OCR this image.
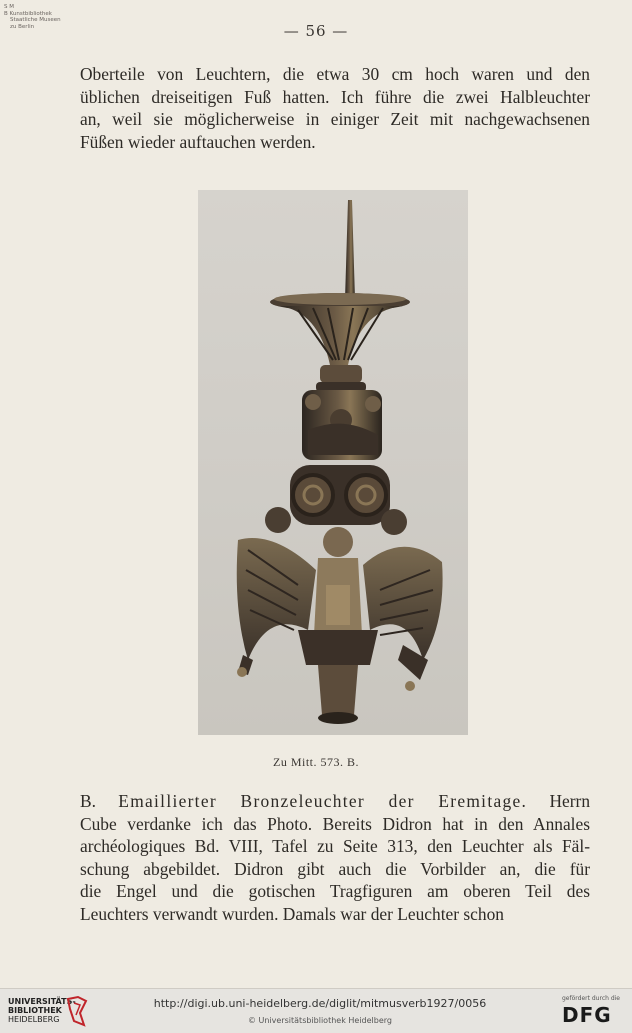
S M
B Kunstbibliothek
Staatliche Museen
zu Berlin	— 56 —
Oberteile von Leuchtern, die etwa 30 cm hoch waren und den
üblichen dreiseitigen Fuß hatten. Ich führe die zwei Halbleuchter
an, weil sie möglicherweise in einiger Zeit mit nachgewachsenen
Füßen wieder auftauchen werden.
Zu Mitt. 573. B.
B. Emaillierter Bronzeleuchter der Eremitage. Herrn
Cube verdanke ich das Photo. Bereits Didron hat in den Annales
archéologiques Bd. VIII, Tafel zu Seite 313, den Leuchter als Fäl-
schung abgebildet. Didron gibt auch die Vorbilder an, die für
die Engel und die gotischen Tragfiguren am oberen Teil des
Leuchters verwandt wurden. Damals war der Leuchter schon
UNIVERSITÄTS-
BIBLIOTHEK
HEIDELBERG
http://digi.ub.uni-heidelberg.de/diglit/mitmusverb1927/0056
© Universitätsbibliothek Heidelberg
gefördert durch die
DFG
